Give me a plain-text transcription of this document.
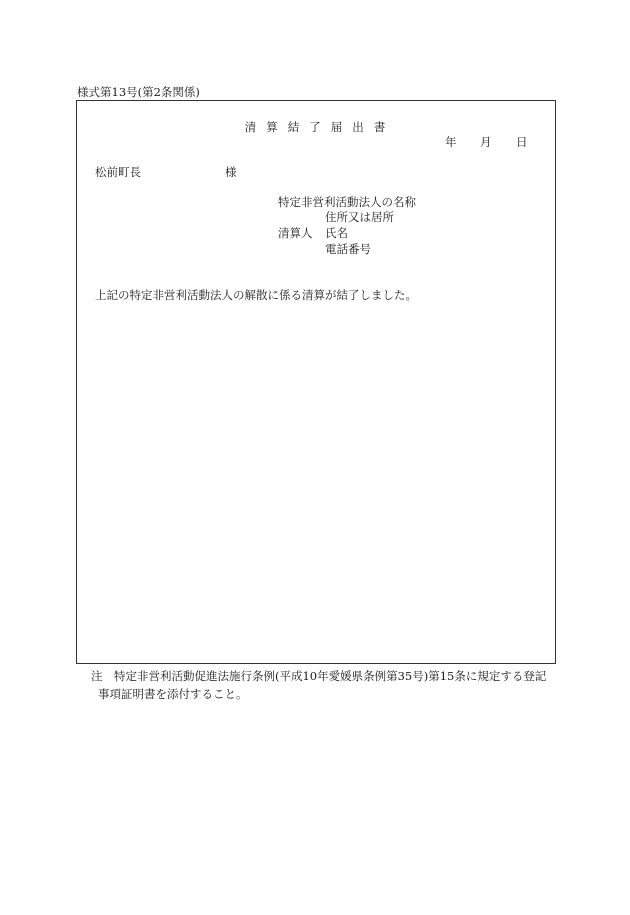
様式第13号(第2条関係)
清算結了届出書
年 月 日
松前町長	様
特定非営利活動法人の名称
住所又は居所
清算人 氏名
電話番号
上記の特定非営利活動法人の解散に係る清算が結了しました。
注 特定非営利活動促進法施行条例(平成10年愛媛県条例第35号)第15条に規定する登記
事項証明書を添付すること。
